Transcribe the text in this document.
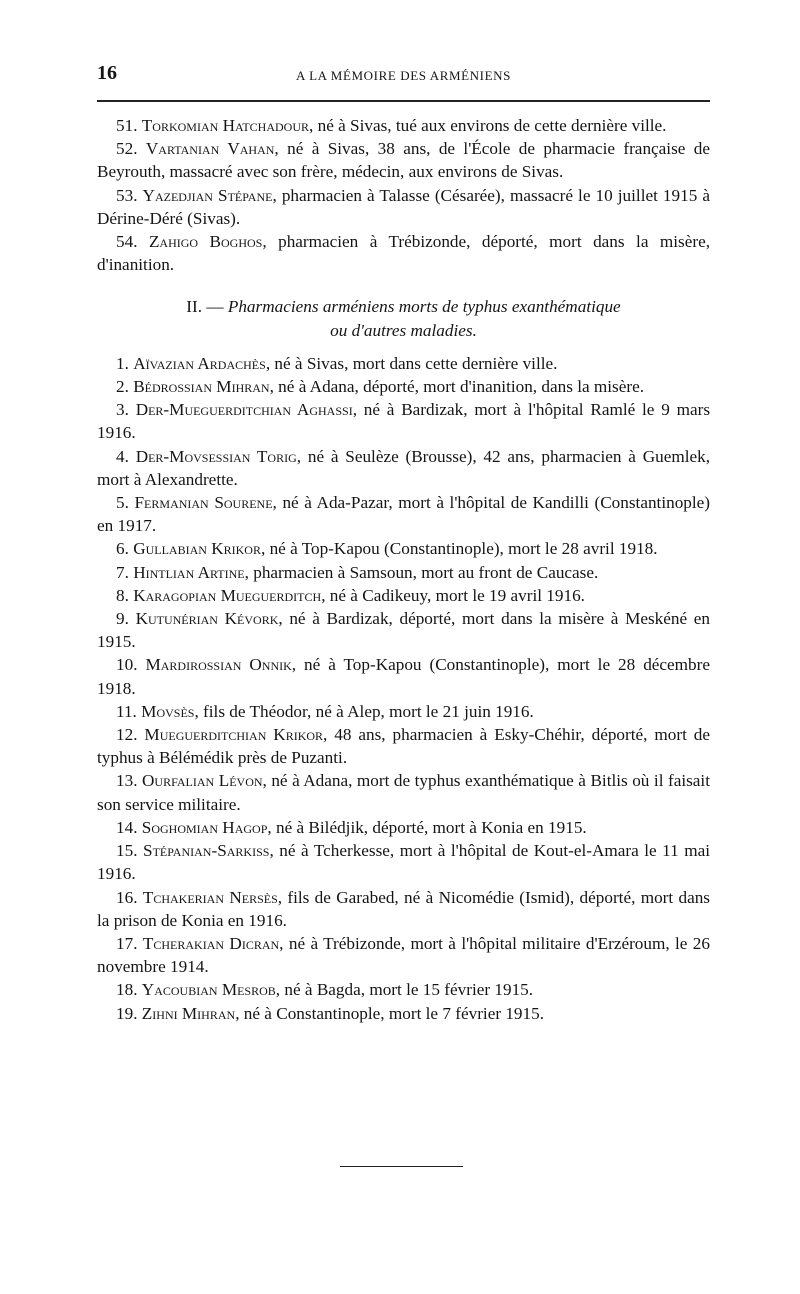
16	A LA MÉMOIRE DES ARMÉNIENS

51. Torkomian Hatchadour, né à Sivas, tué aux environs de cette dernière ville.

52. Vartanian Vahan, né à Sivas, 38 ans, de l'École de pharmacie française de Beyrouth, massacré avec son frère, médecin, aux environs de Sivas.

53. Yazedjian Stépane, pharmacien à Talasse (Césarée), massacré le 10 juillet 1915 à Dérine-Déré (Sivas).

54. Zahigo Boghos, pharmacien à Trébizonde, déporté, mort dans la misère, d'inanition.

II. — Pharmaciens arméniens morts de typhus exanthématique
ou d'autres maladies.

1. Aïvazian Ardachès, né à Sivas, mort dans cette dernière ville.

2. Bédrossian Mihran, né à Adana, déporté, mort d'inanition, dans la misère.

3. Der-Mueguerditchian Aghassi, né à Bardizak, mort à l'hôpital Ramlé le 9 mars 1916.

4. Der-Movsessian Torig, né à Seulèze (Brousse), 42 ans, pharmacien à Guemlek, mort à Alexandrette.

5. Fermanian Sourene, né à Ada-Pazar, mort à l'hôpital de Kandilli (Constantinople) en 1917.

6. Gullabian Krikor, né à Top-Kapou (Constantinople), mort le 28 avril 1918.

7. Hintlian Artine, pharmacien à Samsoun, mort au front de Caucase.

8. Karagopian Mueguerditch, né à Cadikeuy, mort le 19 avril 1916.

9. Kutunérian Kévork, né à Bardizak, déporté, mort dans la misère à Meskéné en 1915.

10. Mardirossian Onnik, né à Top-Kapou (Constantinople), mort le 28 décembre 1918.

11. Movsès, fils de Théodor, né à Alep, mort le 21 juin 1916.

12. Mueguerditchian Krikor, 48 ans, pharmacien à Esky-Chéhir, déporté, mort de typhus à Bélémédik près de Puzanti.

13. Ourfalian Lévon, né à Adana, mort de typhus exanthématique à Bitlis où il faisait son service militaire.

14. Soghomian Hagop, né à Bilédjik, déporté, mort à Konia en 1915.

15. Stépanian-Sarkiss, né à Tcherkesse, mort à l'hôpital de Kout-el-Amara le 11 mai 1916.

16. Tchakerian Nersès, fils de Garabed, né à Nicomédie (Ismid), déporté, mort dans la prison de Konia en 1916.

17. Tcherakian Dicran, né à Trébizonde, mort à l'hôpital militaire d'Erzéroum, le 26 novembre 1914.

18. Yacoubian Mesrob, né à Bagda, mort le 15 février 1915.

19. Zihni Mihran, né à Constantinople, mort le 7 février 1915.
